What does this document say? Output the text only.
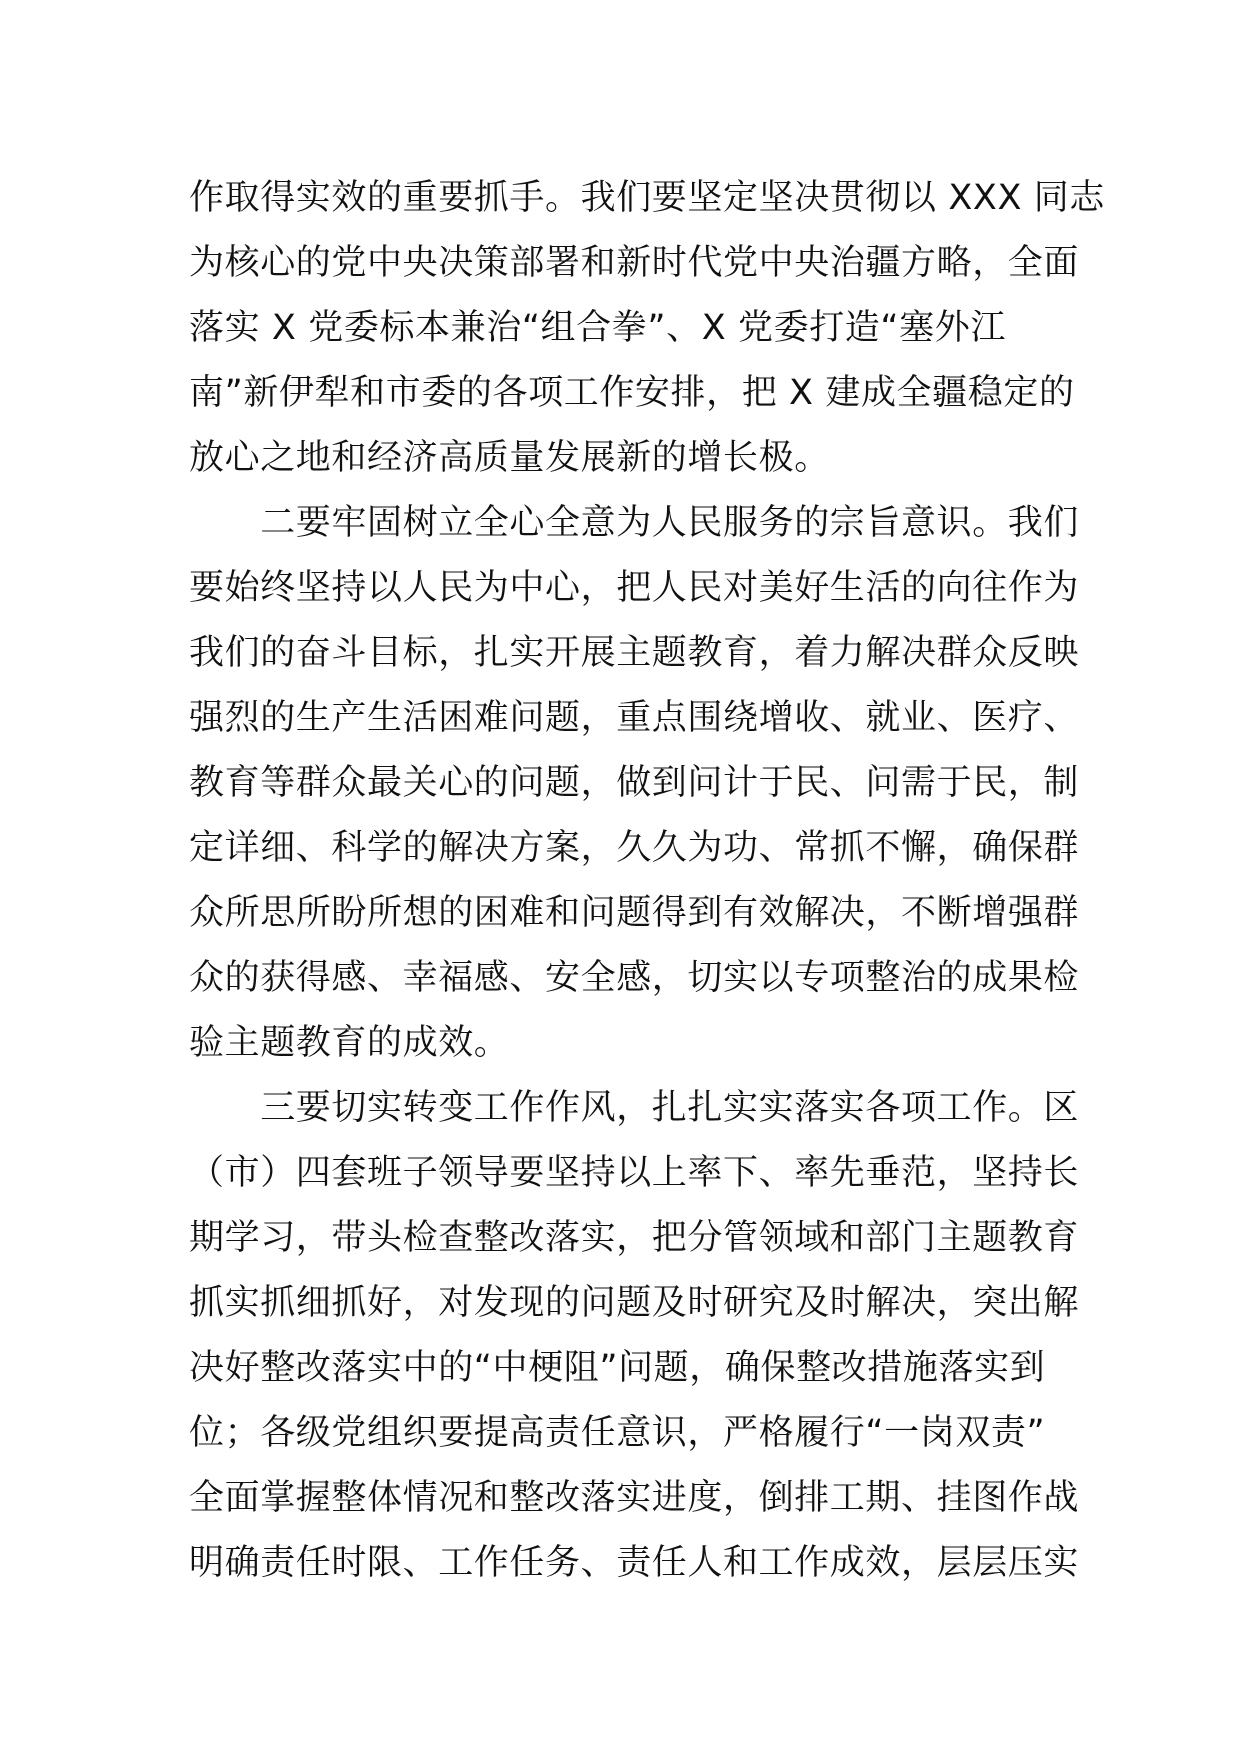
作取得实效的重要抓手。我们要坚定坚决贯彻以 XXX 同志
为核心的党中央决策部署和新时代党中央治疆方略，全面
落实 X 党委标本兼治“组合拳”、X 党委打造“塞外江
南”新伊犁和市委的各项工作安排，把 X 建成全疆稳定的
放心之地和经济高质量发展新的增长极。
　　二要牢固树立全心全意为人民服务的宗旨意识。我们
要始终坚持以人民为中心，把人民对美好生活的向往作为
我们的奋斗目标，扎实开展主题教育，着力解决群众反映
强烈的生产生活困难问题，重点围绕增收、就业、医疗、
教育等群众最关心的问题，做到问计于民、问需于民，制
定详细、科学的解决方案，久久为功、常抓不懈，确保群
众所思所盼所想的困难和问题得到有效解决，不断增强群
众的获得感、幸福感、安全感，切实以专项整治的成果检
验主题教育的成效。
　　三要切实转变工作作风，扎扎实实落实各项工作。区
（市）四套班子领导要坚持以上率下、率先垂范，坚持长
期学习，带头检查整改落实，把分管领域和部门主题教育
抓实抓细抓好，对发现的问题及时研究及时解决，突出解
决好整改落实中的“中梗阻”问题，确保整改措施落实到
位；各级党组织要提高责任意识，严格履行“一岗双责”
全面掌握整体情况和整改落实进度，倒排工期、挂图作战
明确责任时限、工作任务、责任人和工作成效，层层压实
